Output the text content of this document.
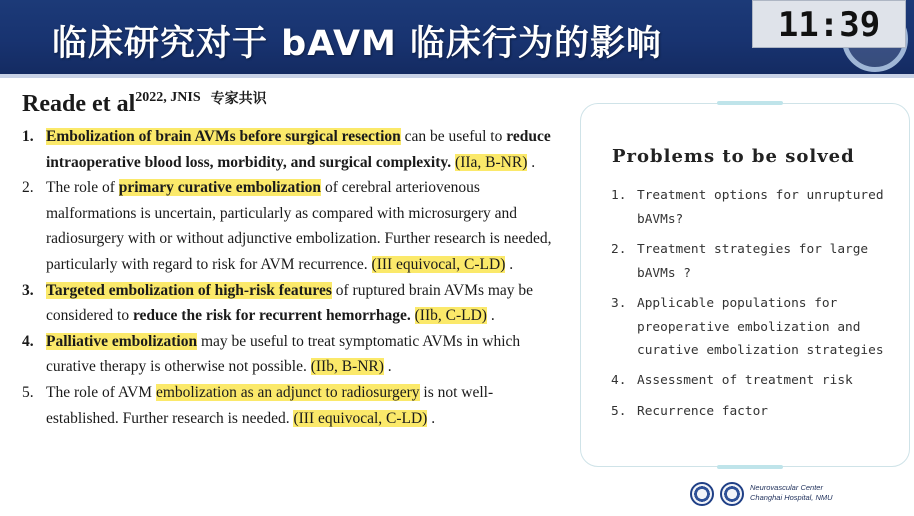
临床研究对于 bAVM 临床行为的影响	11:39
Reade et al2022, JNIS 专家共识
1. Embolization of brain AVMs before surgical resection can be useful to reduce intraoperative blood loss, morbidity, and surgical complexity. (IIa, B-NR) .
2. The role of primary curative embolization of cerebral arteriovenous malformations is uncertain, particularly as compared with microsurgery and radiosurgery with or without adjunctive embolization. Further research is needed, particularly with regard to risk for AVM recurrence. (III equivocal, C-LD) .
3. Targeted embolization of high-risk features of ruptured brain AVMs may be considered to reduce the risk for recurrent hemorrhage. (IIb, C-LD) .
4. Palliative embolization may be useful to treat symptomatic AVMs in which curative therapy is otherwise not possible. (IIb, B-NR) .
5. The role of AVM embolization as an adjunct to radiosurgery is not well-established. Further research is needed. (III equivocal, C-LD) .
Problems to be solved
1. Treatment options for unruptured bAVMs?
2. Treatment strategies for large bAVMs ?
3. Applicable populations for preoperative embolization and curative embolization strategies
4. Assessment of treatment risk
5. Recurrence factor
Neurovascular Center
Changhai Hospital, NMU
